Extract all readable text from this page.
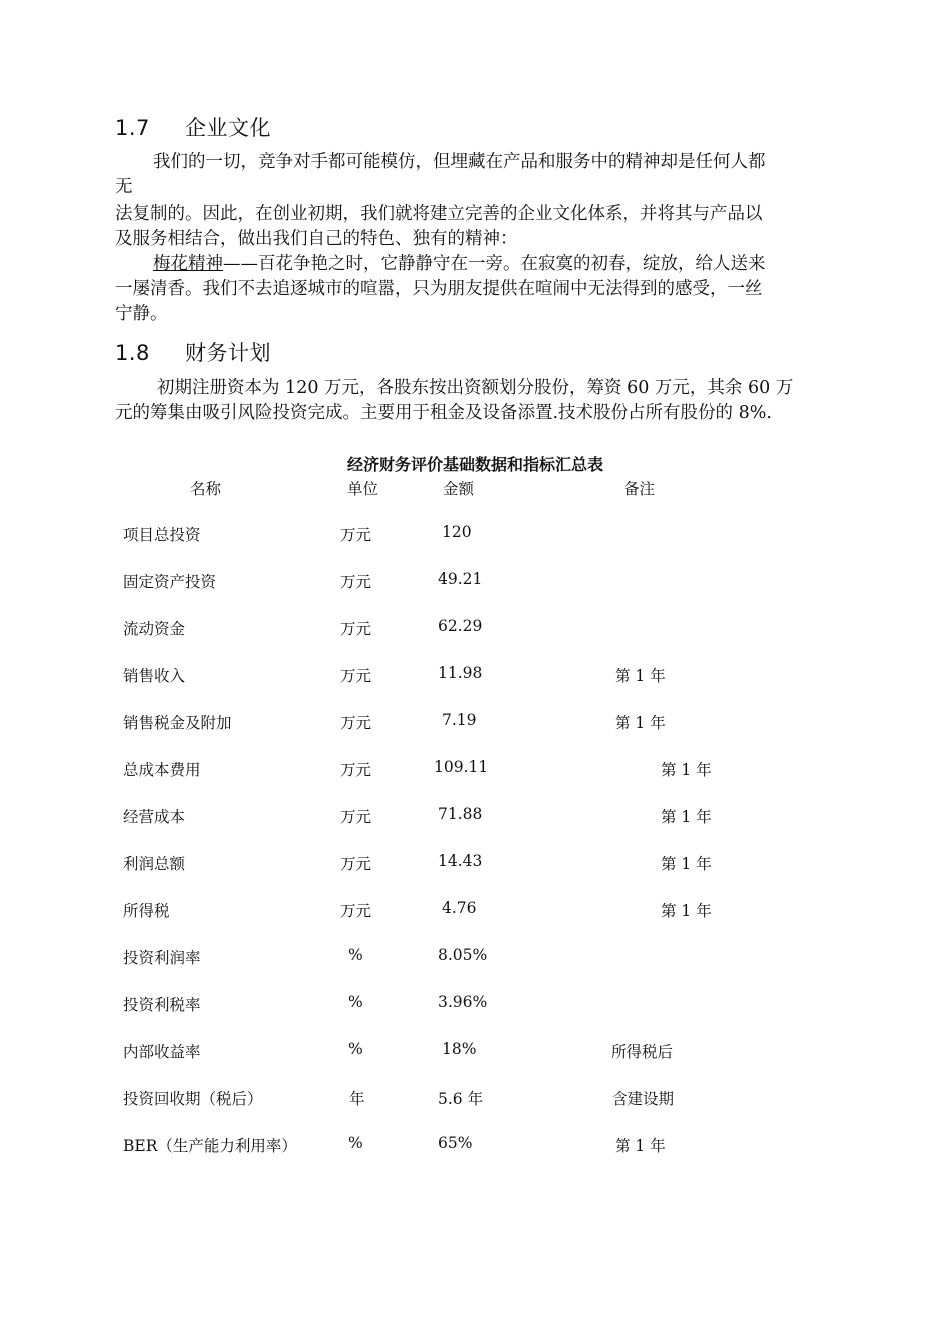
1.7 企业文化
我们的一切，竞争对手都可能模仿，但埋藏在产品和服务中的精神却是任何人都
无
法复制的。因此，在创业初期，我们就将建立完善的企业文化体系，并将其与产品以
及服务相结合，做出我们自己的特色、独有的精神：
梅花精神——百花争艳之时，它静静守在一旁。在寂寞的初春，绽放，给人送来
一屡清香。我们不去追逐城市的喧嚣，只为朋友提供在喧闹中无法得到的感受，一丝
宁静。
1.8 财务计划
初期注册资本为 120 万元，各股东按出资额划分股份，筹资 60 万元，其余 60 万
元的筹集由吸引风险投资完成。主要用于租金及设备添置.技术股份占所有股份的 8%.
经济财务评价基础数据和指标汇总表
名称	单位	金额	备注
项目总投资	万元	120
固定资产投资	万元	49.21
流动资金	万元	62.29
销售收入	万元	11.98	第 1 年
销售税金及附加	万元	7.19	第 1 年
总成本费用	万元	109.11	第 1 年
经营成本	万元	71.88	第 1 年
利润总额	万元	14.43	第 1 年
所得税	万元	4.76	第 1 年
投资利润率	%	8.05%
投资利税率	%	3.96%
内部收益率	%	18%	所得税后
投资回收期（税后）	年	5.6 年	含建设期
BER（生产能力利用率）	%	65%	第 1 年
